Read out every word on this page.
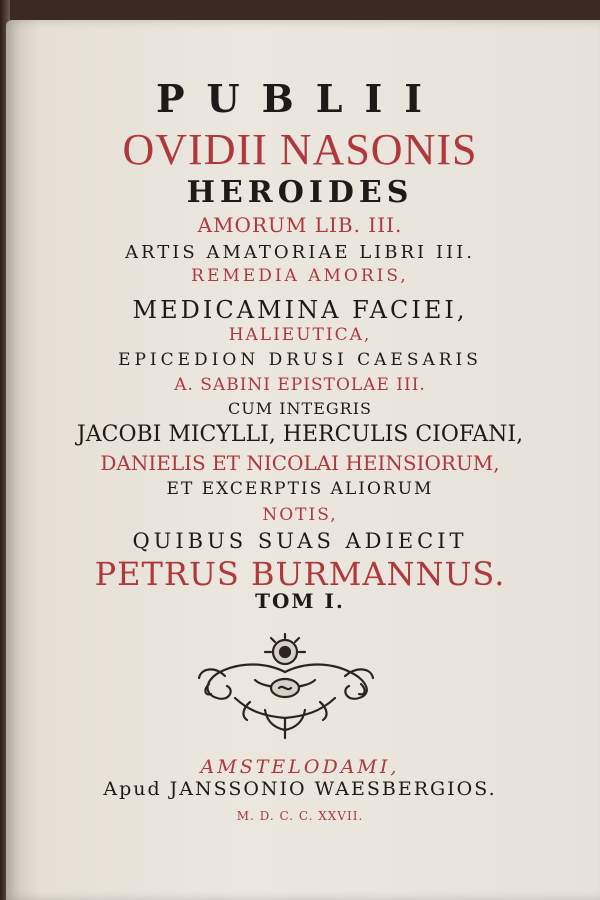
PUBLII
OVIDII NASONIS
HEROIDES
AMORUM LIB. III.
ARTIS AMATORIAE LIBRI III.
REMEDIA AMORIS,
MEDICAMINA FACIEI,
HALIEUTICA,
EPICEDION DRUSI CAESARIS
A. SABINI EPISTOLAE III.
CUM INTEGRIS
JACOBI MICYLLI, HERCULIS CIOFANI,
DANIELIS ET NICOLAI HEINSIORUM,
ET EXCERPTIS ALIORUM
NOTIS,
QUIBUS SUAS ADIECIT
PETRUS BURMANNUS.
TOM I.
AMSTELODAMI,
Apud JANSSONIO WAESBERGIOS.
M. D. C. C. XXVII.
